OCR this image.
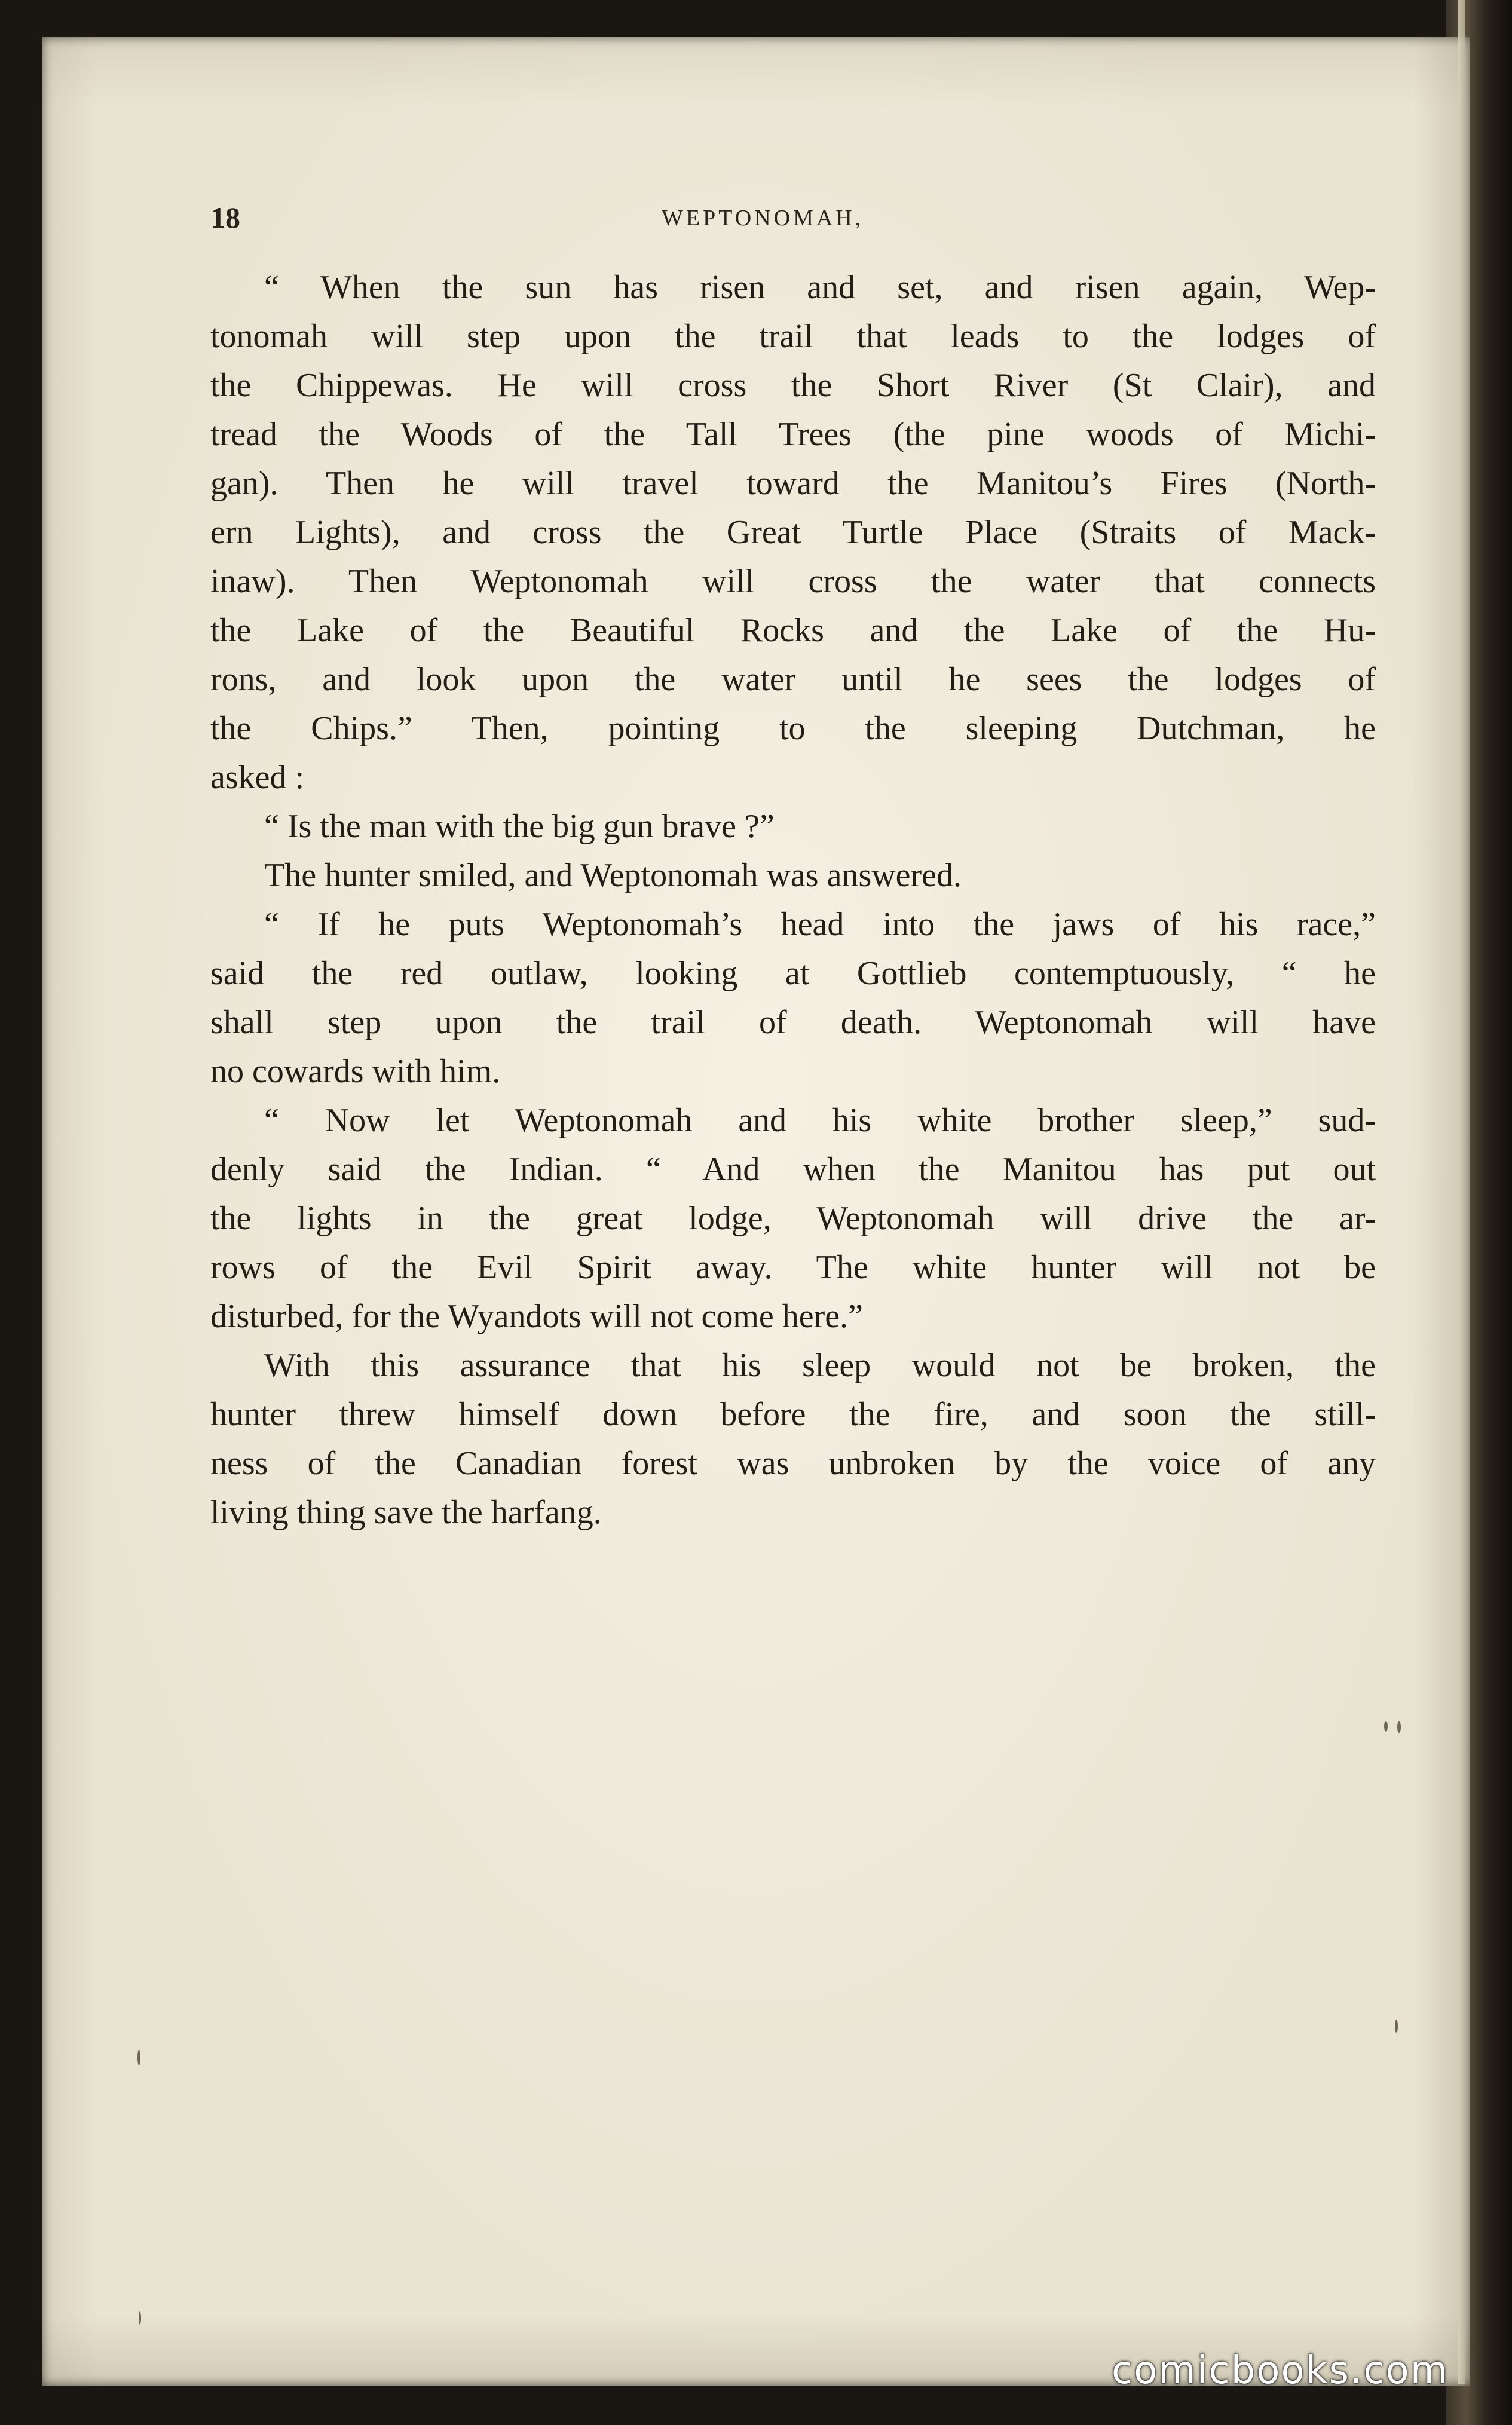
18	WEPTONOMAH,
“ When the sun has risen and set, and risen again, Wep-
tonomah will step upon the trail that leads to the lodges of
the Chippewas. He will cross the Short River (St Clair), and
tread the Woods of the Tall Trees (the pine woods of Michi-
gan). Then he will travel toward the Manitou’s Fires (North-
ern Lights), and cross the Great Turtle Place (Straits of Mack-
inaw). Then Weptonomah will cross the water that connects
the Lake of the Beautiful Rocks and the Lake of the Hu-
rons, and look upon the water until he sees the lodges of
the Chips.” Then, pointing to the sleeping Dutchman, he
asked :
“ Is the man with the big gun brave ?”
The hunter smiled, and Weptonomah was answered.
“ If he puts Weptonomah’s head into the jaws of his race,”
said the red outlaw, looking at Gottlieb contemptuously, “ he
shall step upon the trail of death. Weptonomah will have
no cowards with him.
“ Now let Weptonomah and his white brother sleep,” sud-
denly said the Indian. “ And when the Manitou has put out
the lights in the great lodge, Weptonomah will drive the ar-
rows of the Evil Spirit away. The white hunter will not be
disturbed, for the Wyandots will not come here.”
With this assurance that his sleep would not be broken, the
hunter threw himself down before the fire, and soon the still-
ness of the Canadian forest was unbroken by the voice of any
living thing save the harfang.
comicbooks.com
